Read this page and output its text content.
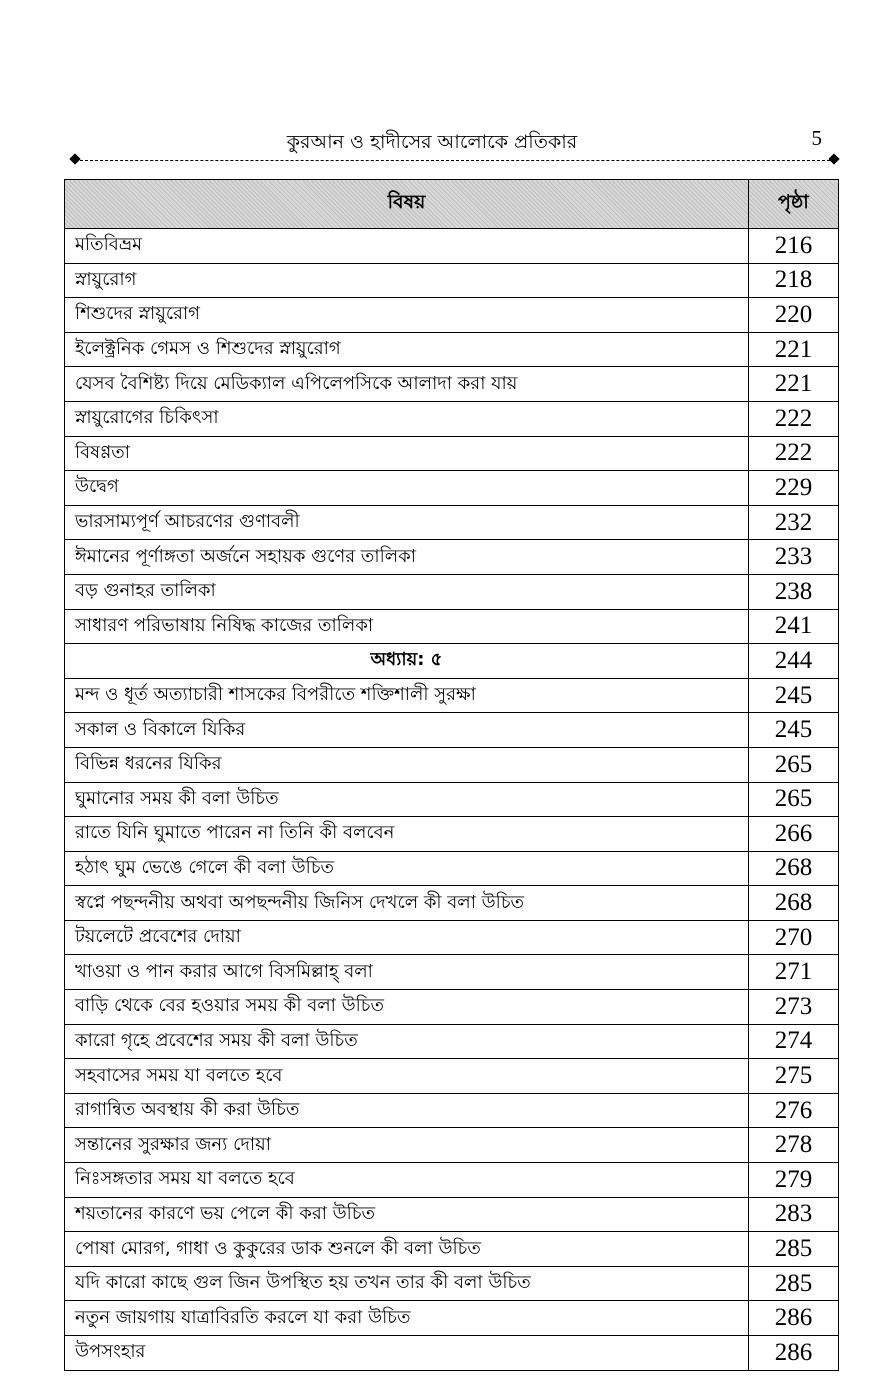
কুরআন ও হাদীসের আলোকে প্রতিকার	5
বিষয়	পৃষ্ঠা
মতিবিভ্রম	216
স্নায়ুরোগ	218
শিশুদের স্নায়ুরোগ	220
ইলেক্ট্রনিক গেমস ও শিশুদের স্নায়ুরোগ	221
যেসব বৈশিষ্ট্য দিয়ে মেডিক্যাল এপিলেপসিকে আলাদা করা যায়	221
স্নায়ুরোগের চিকিৎসা	222
বিষণ্ণতা	222
উদ্বেগ	229
ভারসাম্যপূর্ণ আচরণের গুণাবলী	232
ঈমানের পূর্ণাঙ্গতা অর্জনে সহায়ক গুণের তালিকা	233
বড় গুনাহর তালিকা	238
সাধারণ পরিভাষায় নিষিদ্ধ কাজের তালিকা	241
অধ্যায়: ৫	244
মন্দ ও ধূর্ত অত্যাচারী শাসকের বিপরীতে শক্তিশালী সুরক্ষা	245
সকাল ও বিকালে যিকির	245
বিভিন্ন ধরনের যিকির	265
ঘুমানোর সময় কী বলা উচিত	265
রাতে যিনি ঘুমাতে পারেন না তিনি কী বলবেন	266
হঠাৎ ঘুম ভেঙে গেলে কী বলা উচিত	268
স্বপ্নে পছন্দনীয় অথবা অপছন্দনীয় জিনিস দেখলে কী বলা উচিত	268
টয়লেটে প্রবেশের দোয়া	270
খাওয়া ও পান করার আগে বিসমিল্লাহ্ বলা	271
বাড়ি থেকে বের হওয়ার সময় কী বলা উচিত	273
কারো গৃহে প্রবেশের সময় কী বলা উচিত	274
সহবাসের সময় যা বলতে হবে	275
রাগান্বিত অবস্থায় কী করা উচিত	276
সন্তানের সুরক্ষার জন্য দোয়া	278
নিঃসঙ্গতার সময় যা বলতে হবে	279
শয়তানের কারণে ভয় পেলে কী করা উচিত	283
পোষা মোরগ, গাধা ও কুকুরের ডাক শুনলে কী বলা উচিত	285
যদি কারো কাছে গুল জিন উপস্থিত হয় তখন তার কী বলা উচিত	285
নতুন জায়গায় যাত্রাবিরতি করলে যা করা উচিত	286
উপসংহার	286
